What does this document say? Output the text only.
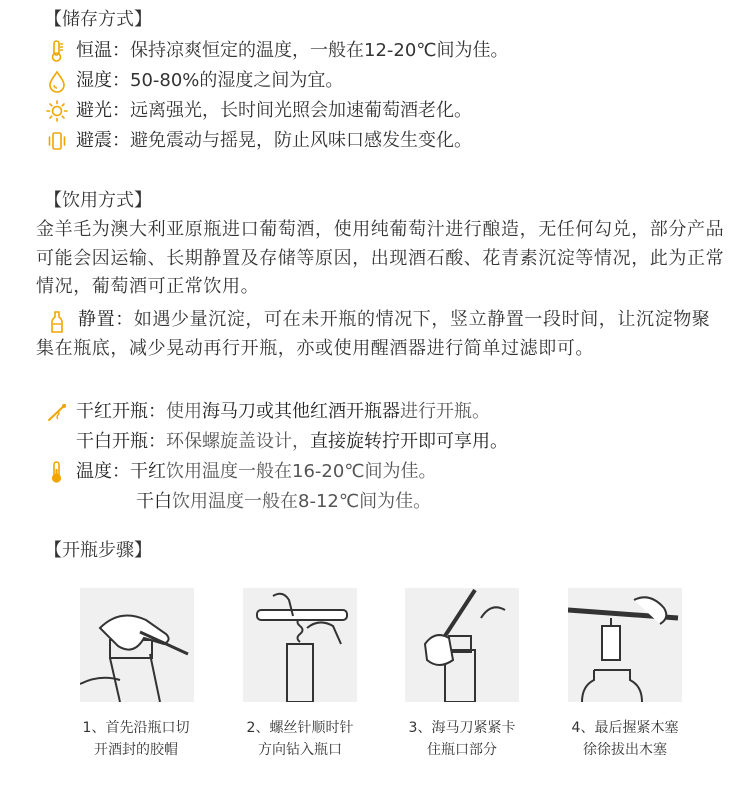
【储存方式】
恒温：保持凉爽恒定的温度，一般在12-20℃间为佳。
湿度：50-80%的湿度之间为宜。
避光：远离强光，长时间光照会加速葡萄酒老化。
避震：避免震动与摇晃，防止风味口感发生变化。
【饮用方式】
金羊毛为澳大利亚原瓶进口葡萄酒，使用纯葡萄汁进行酿造，无任何勾兑，部分产品可能会因运输、长期静置及存储等原因，出现酒石酸、花青素沉淀等情况，此为正常情况，葡萄酒可正常饮用。
静置：如遇少量沉淀，可在未开瓶的情况下，竖立静置一段时间，让沉淀物聚集在瓶底，减少晃动再行开瓶，亦或使用醒酒器进行简单过滤即可。
干红开瓶：使用海马刀或其他红酒开瓶器进行开瓶。
干白开瓶：环保螺旋盖设计，直接旋转拧开即可享用。
温度：干红饮用温度一般在16-20℃间为佳。
干白饮用温度一般在8-12℃间为佳。
【开瓶步骤】
1、首先沿瓶口切
开酒封的胶帽
2、螺丝针顺时针
方向钻入瓶口
3、海马刀紧紧卡
住瓶口部分
4、最后握紧木塞
徐徐拔出木塞
